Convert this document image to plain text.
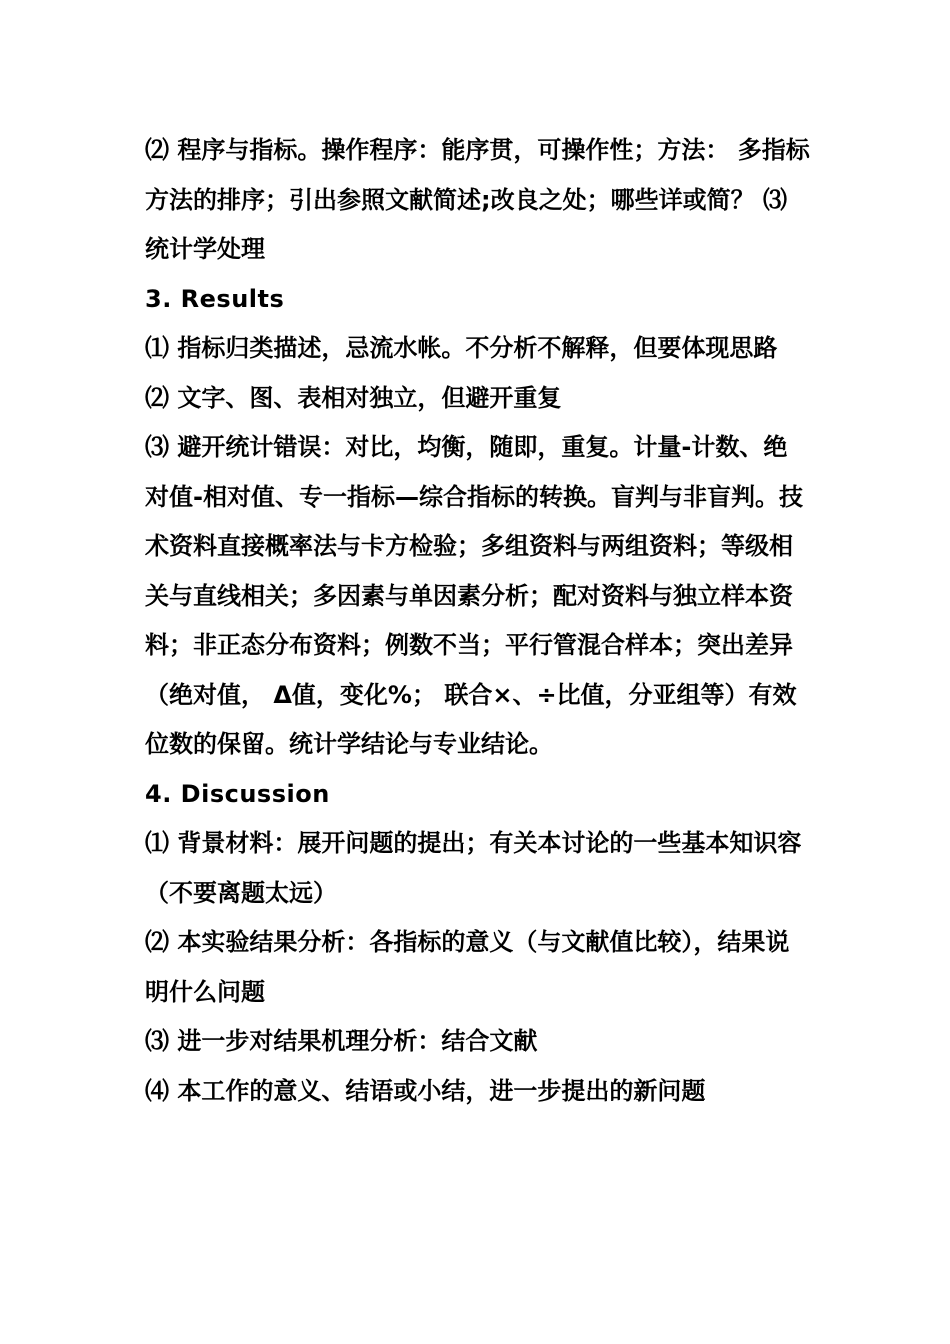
⑵ 程序与指标。操作程序：能序贯，可操作性；方法： 多指标方法的排序；引出参照文献简述;改良之处；哪些详或简？ ⑶ 统计学处理

3. Results

⑴ 指标归类描述，忌流水帐。不分析不解释，但要体现思路

⑵ 文字、图、表相对独立，但避开重复

⑶ 避开统计错误：对比，均衡，随即，重复。计量-计数、绝对值-相对值、专一指标—综合指标的转换。盲判与非盲判。技术资料直接概率法与卡方检验；多组资料与两组资料；等级相关与直线相关；多因素与单因素分析；配对资料与独立样本资料；非正态分布资料；例数不当；平行管混合样本；突出差异（绝对值， Δ值，变化%； 联合×、÷比值，分亚组等）有效位数的保留。统计学结论与专业结论。

4. Discussion

⑴ 背景材料：展开问题的提出；有关本讨论的一些基本知识容（不要离题太远）

⑵ 本实验结果分析：各指标的意义（与文献值比较），结果说明什么问题

⑶ 进一步对结果机理分析：结合文献

⑷ 本工作的意义、结语或小结，进一步提出的新问题
